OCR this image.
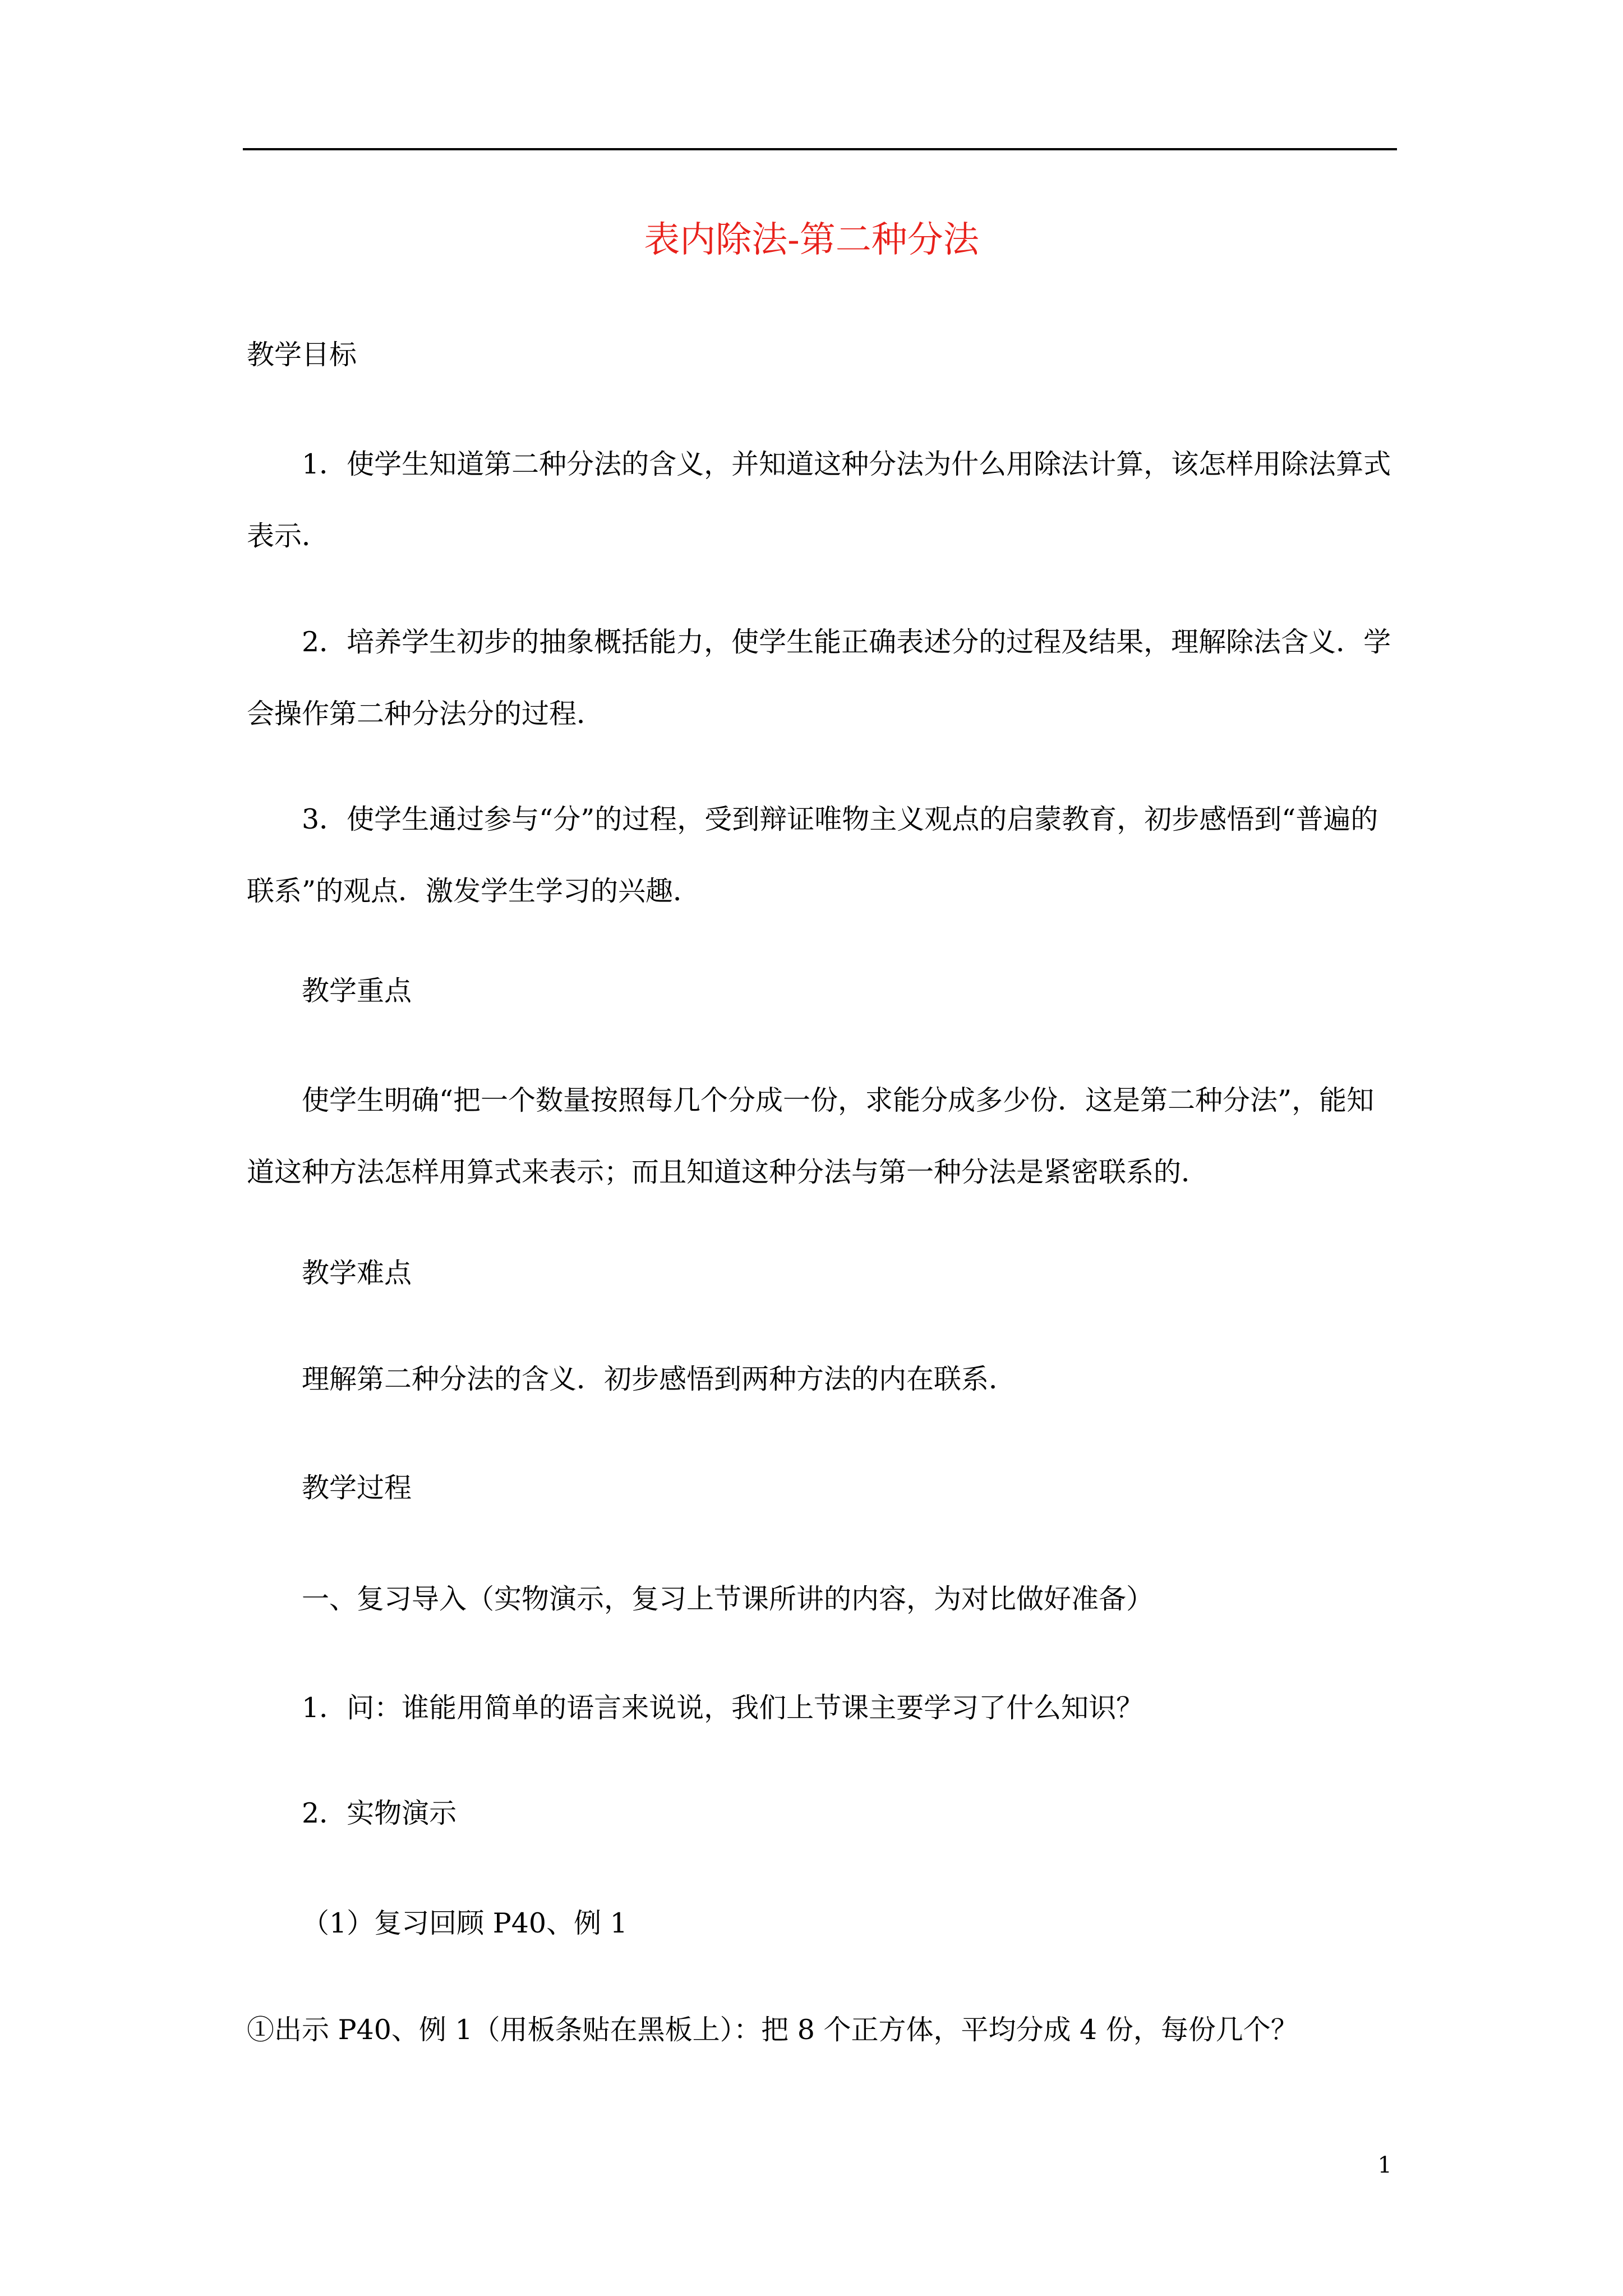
表内除法-第二种分法

教学目标

1．使学生知道第二种分法的含义，并知道这种分法为什么用除法计算，该怎样用除法算式表示．

2．培养学生初步的抽象概括能力，使学生能正确表述分的过程及结果，理解除法含义．学会操作第二种分法分的过程．

3．使学生通过参与“分”的过程，受到辩证唯物主义观点的启蒙教育，初步感悟到“普遍的联系”的观点．激发学生学习的兴趣．

教学重点

使学生明确“把一个数量按照每几个分成一份，求能分成多少份．这是第二种分法”，能知道这种方法怎样用算式来表示；而且知道这种分法与第一种分法是紧密联系的．

教学难点

理解第二种分法的含义．初步感悟到两种方法的内在联系．

教学过程

一、复习导入（实物演示，复习上节课所讲的内容，为对比做好准备）

1．问：谁能用简单的语言来说说，我们上节课主要学习了什么知识？

2．实物演示

（1）复习回顾 P40、例 1

①出示 P40、例 1（用板条贴在黑板上）：把 8 个正方体，平均分成 4 份，每份几个？

1
